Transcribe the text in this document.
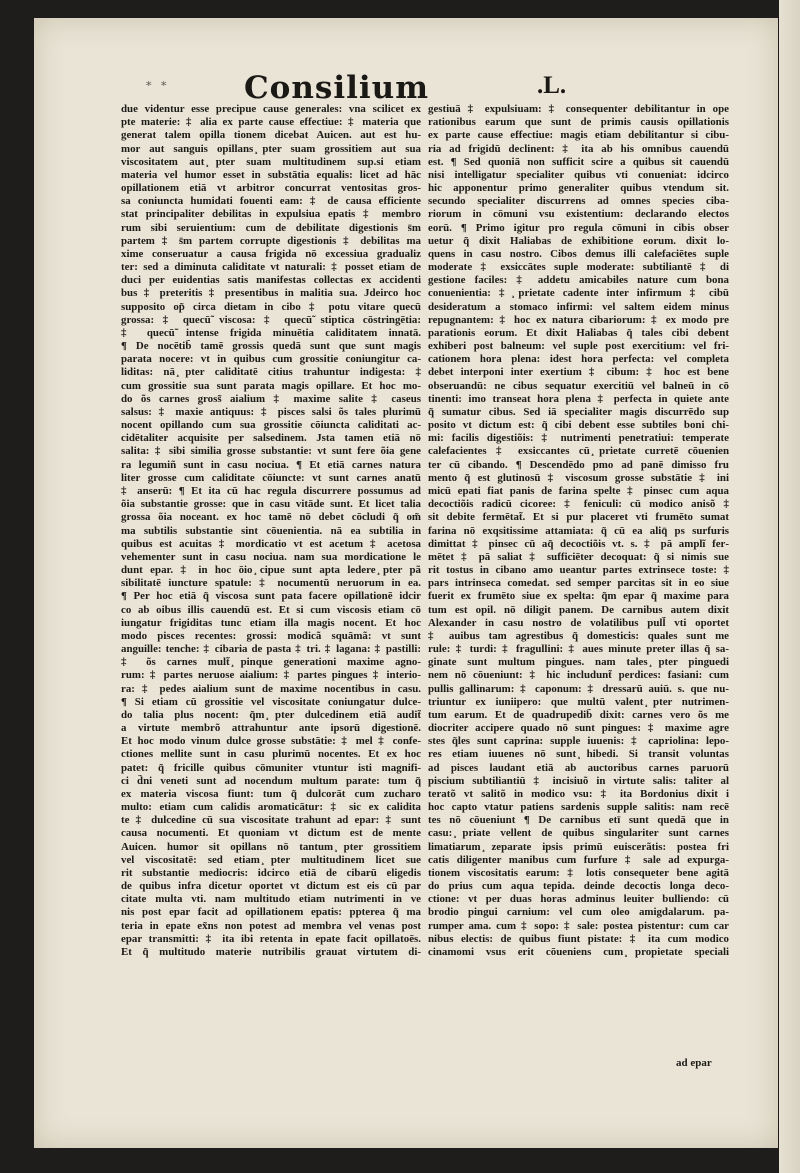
∗ ∗ Consilium	.L.
due videntur esse precipue cause generales: vna scilicet ex
pte materie: ‡ alia ex parte cause effectiue: ‡ materia que
generat talem opilla tionem dicebat Auicen. aut est hu‑
mor aut sanguis opillans ̧pter suam grossitiem aut sua
viscositatem aut ̧pter suam multitudinem sup.si etiam
materia vel humor esset in substātia equalis: licet ad hāc
opillationem etiā vt arbitror concurrat ventositas gros‑
sa coniuncta humidati fouenti eam: ‡ de causa efficiente
stat principaliter debilitas in expulsiua epatis ‡ membro
rum sibi seruientium: cum de debilitate digestionis s̄m
partem ‡ s̄m partem corrupte digestionis ‡ debilitas ma
xime conseruatur a causa frigida nō excessiua gradualiz
ter: sed a diminuta caliditate vt naturali: ‡ posset etiam de
duci per euidentias satis manifestas collectas ex accidenti
bus ‡ preteritis ‡ presentibus in malitia sua. Jdeirco hoc
supposito op̃ circa dietam in cibo ‡ potu vitare quecū̃
grossa: ‡ quecū̃ viscosa: ‡ quecū̃ stiptica cōstringētia:
‡ quecū̃ intense frigida minuētia caliditatem innatā.
¶ De nocētib̃ tamē grossis quedā sunt que sunt magis
parata nocere: vt in quibus cum grossitie coniungitur ca‑
liditas: nā ̧pter caliditatē citius trahuntur indigesta: ‡
cum grossitie sua sunt parata magis opillare. Et hoc mo‑
do õs carnes gross̃ aialium ‡ maxime salite ‡ caseus
salsus: ‡ maxie antiquus: ‡ pisces salsi õs tales plurimū
nocent opillando cum sua grossitie cōiuncta caliditati ac‑
cidētaliter acquisite per salsedinem. Jsta tamen etiā nō
salita: ‡ sibi similia grosse substantie: vt sunt fere õia gene
ra legumiñ sunt in casu nociua. ¶ Et etiā carnes natura
liter grosse cum caliditate cōiuncte: vt sunt carnes anatū
‡ anserū: ¶ Et ita cū hac regula discurrere possumus ad
õia substantie grosse: que in casu vitāde sunt. Et licet talia
grossa õia noceant. ex hoc tamē nō debet cōcludi q̃ om̃
ma subtilis substantie sint cōuenientia. nā ea subtilia in
quibus est acuitas ‡ mordicatio vt est acetum ‡ acetosa
vehementer sunt in casu nociua. nam sua mordicatione le
dunt epar. ‡ in hoc ōio ̧cipue sunt apta ledere ̧pter pã
sibilitatē iuncture spatule: ‡ nocumentū neruorum in ea.
¶ Per hoc etiā q̃ viscosa sunt pata facere opillationē idcir
co ab oibus illis cauendū est. Et si cum viscosis etiam cō
iungatur frigiditas tunc etiam illa magis nocent. Et hoc
modo pisces recentes: grossi: modicã squāmã: vt sunt
anguille: tenche: ‡ cibaria de pasta ‡ tri. ‡ lagana: ‡ pastilli:
‡ õs carnes mult̃ ̧pinque generationi maxime agno‑
rum: ‡ partes neruose aialium: ‡ partes pingues ‡ interio‑
ra: ‡ pedes aialium sunt de maxime nocentibus in casu.
¶ Si etiam cū grossitie vel viscositate coniungatur dulce‑
do talia plus nocent: q̃m ̧pter dulcedinem etiā audit̃
a virtute membrõ attrahuntur ante ipsorū digestionē.
Et hoc modo vinum dulce grosse substātie: ‡ mel ‡ confe‑
ctiones mellite sunt in casu plurimū nocentes. Et ex hoc
patet: q̃ fricille quibus cōmuniter vtuntur isti magnifi‑
ci d̃ni veneti sunt ad nocendum multum parate: tum q̃
ex materia viscosa fiunt: tum q̃ dulcorāt cum zucharo
multo: etiam cum calidis aromaticātur: ‡ sic ex calidita
te ‡ dulcedine cū sua viscositate trahunt ad epar: ‡ sunt
causa nocumenti. Et quoniam vt dictum est de mente
Auicen. humor sit opillans nō tantum ̧pter grossitiem
vel viscositatē: sed etiam ̧pter multitudinem licet sue
rit substantie mediocris: idcirco etiā de cibarū eligedis
de quibus infra dicetur oportet vt dictum est eis cū par
citate multa vti. nam multitudo etiam nutrimenti in ve
nis post epar facit ad opillationem epatis: ppterea q̃ ma
teria in epate ex̃ns non potest ad membra vel venas post
epar transmitti: ‡ ita ibi retenta in epate facit opillatoēs.
Et q̃ multitudo materie nutribilis grauat virtutem di‑
gestiuā ‡ expulsiuam: ‡ consequenter debilitantur in ope
rationibus earum que sunt de primis causis opillationis
ex parte cause effectiue: magis etiam debilitantur si cibu‑
ria ad frigidū declinent: ‡ ita ab his omnibus cauendū
est. ¶ Sed quoniā non sufficit scire a quibus sit cauendū
nisi intelligatur specialiter quibus vti conueniat: idcirco
hic apponentur primo generaliter quibus vtendum sit.
secundo specialiter discurrens ad omnes species ciba‑
riorum in cōmuni vsu existentium: declarando electos
eorū. ¶ Primo igitur pro regula cōmuni in cibis obser
uetur q̃ dixit Haliabas de exhibitione eorum. dixit lo‑
quens in casu nostro. Cibos demus illi calefaciētes suple
moderate ‡ exsiccātes suple moderate: subtiliantē ‡ di
gestione faciles: ‡ addetu amicabiles nature cum bona
conuenientia: ‡ ̧prietate cadente inter infirmum ‡ cibū
desideratum a stomaco infirmi: vel saltem eidem minus
repugnantem: ‡ hoc ex natura cibariorum: ‡ ex modo pre
parationis eorum. Et dixit Haliabas q̃ tales cibi debent
exhiberi post balneum: vel suple post exercitium: vel fri‑
cationem hora plena: idest hora perfecta: vel completa
debet interponi inter exertium ‡ cibum: ‡ hoc est bene
obseruandū: ne cibus sequatur exercitiū vel balneū in cō
tinenti: imo transeat hora plena ‡ perfecta in quiete ante
q̃ sumatur cibus. Sed iā specialiter magis discurrēdo sup
posito vt dictum est: q̃ cibi debent esse subtiles boni chi‑
mi: facilis digestiõis: ‡ nutrimenti penetratiui: temperate
calefacientes ‡ exsiccantes cū ̧prietate curretē cōuenien
ter cū cibando. ¶ Descendēdo pmo ad panē dimisso fru
mento q̃ est glutinosū ‡ viscosum grosse substātie ‡ ini
micū epati fiat panis de farina spelte ‡ pinsec cum aqua
decoctiõis radicū cicoree: ‡ feniculi: cū modico anisõ ‡
sit debite fermētat̃. Et si pur placeret vti frumēto sumat
farina nō exqsitissime attamiata: q̃ cū ea aliq̄ ps surfuris
dimittat ‡ pinsec cū aq̃ decoctiõis vt. s. ‡ pā amplĩ fer‑
mētet ‡ pā saliat ‡ sufficiēter decoquat: q̃ si nimis sue
rit tostus in cibano amo ueantur partes extrinsece toste: ‡
pars intrinseca comedat. sed semper parcitas sit in eo siue
fuerit ex frumēto siue ex spelta: q̃m epar q̃ maxime para
tum est opil. nō diligit panem. De carnibus autem dixit
Alexander in casu nostro de volatilibus pull̃ vti oportet
‡ auibus tam agrestibus q̃ domesticis: quales sunt me
rule: ‡ turdi: ‡ fragullini: ‡ aues minute preter illas q̃ sa‑
ginate sunt multum pingues. nam tales ̧pter pinguedi
nem nō cōueniunt: ‡ hic includunt̃ perdices: fasiani: cum
pullis gallinarum: ‡ caponum: ‡ dressarū auiū. s. que nu‑
triuntur ex iuniipero: que multū valent ̧pter nutrimen‑
tum earum. Et de quadrupedib̃ dixit: carnes vero õs me
diocriter accipere quado nō sunt pingues: ‡ maxime agre
stes q̃les sunt caprina: supple iuuenis: ‡ capriolina: lepo‑
res etiam iuuenes nō sunt ̧hibedi. Si transit voluntas
ad pisces laudant etiā ab auctoribus carnes paruorū
piscium subtiliantiū ‡ incisiuõ in virtute salis: taliter al
teratõ vt salitõ in modico vsu: ‡ ita Bordonius dixit i
hoc capto vtatur patiens sardenis supple salitis: nam recē
tes nō cōueniunt ¶ De carnibus etī sunt quedā que in
casu: ̧priate vellent de quibus singulariter sunt carnes
limatiarum ̧zeparate ipsis primū euiscerãtis: postea fri
catis diligenter manibus cum furfure ‡ sale ad expurga‑
tionem viscositatis earum: ‡ lotis consequeter bene agitā
do prius cum aqua tepida. deinde decoctis longa deco‑
ctione: vt per duas horas adminus leuiter bulliendo: cū
brodio pingui carnium: vel cum oleo amigdalarum. pa‑
rumper ama. cum ‡ sopo: ‡ sale: postea pistentur: cum car
nibus electis: de quibus fiunt pistate: ‡ ita cum modico
cinamomi vsus erit cōueniens cum ̧propietate speciali
ad epar
